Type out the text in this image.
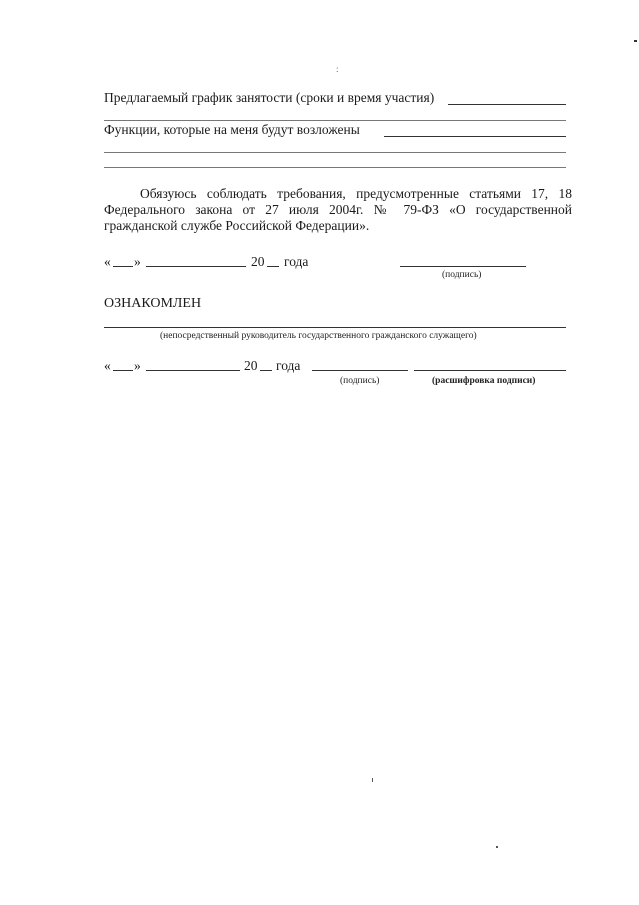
:
Предлагаемый график занятости (сроки и время участия)
Функции, которые на меня будут возложены
Обязуюсь соблюдать требования, предусмотренные статьями 17, 18
Федерального закона от 27 июля 2004г. № 79-ФЗ «О государственной
гражданской службе Российской Федерации».
« »	20 года
(подпись)
ОЗНАКОМЛЕН
(непосредственный руководитель государственного гражданского служащего)
« »	20 года
(подпись)	(расшифровка подписи)
